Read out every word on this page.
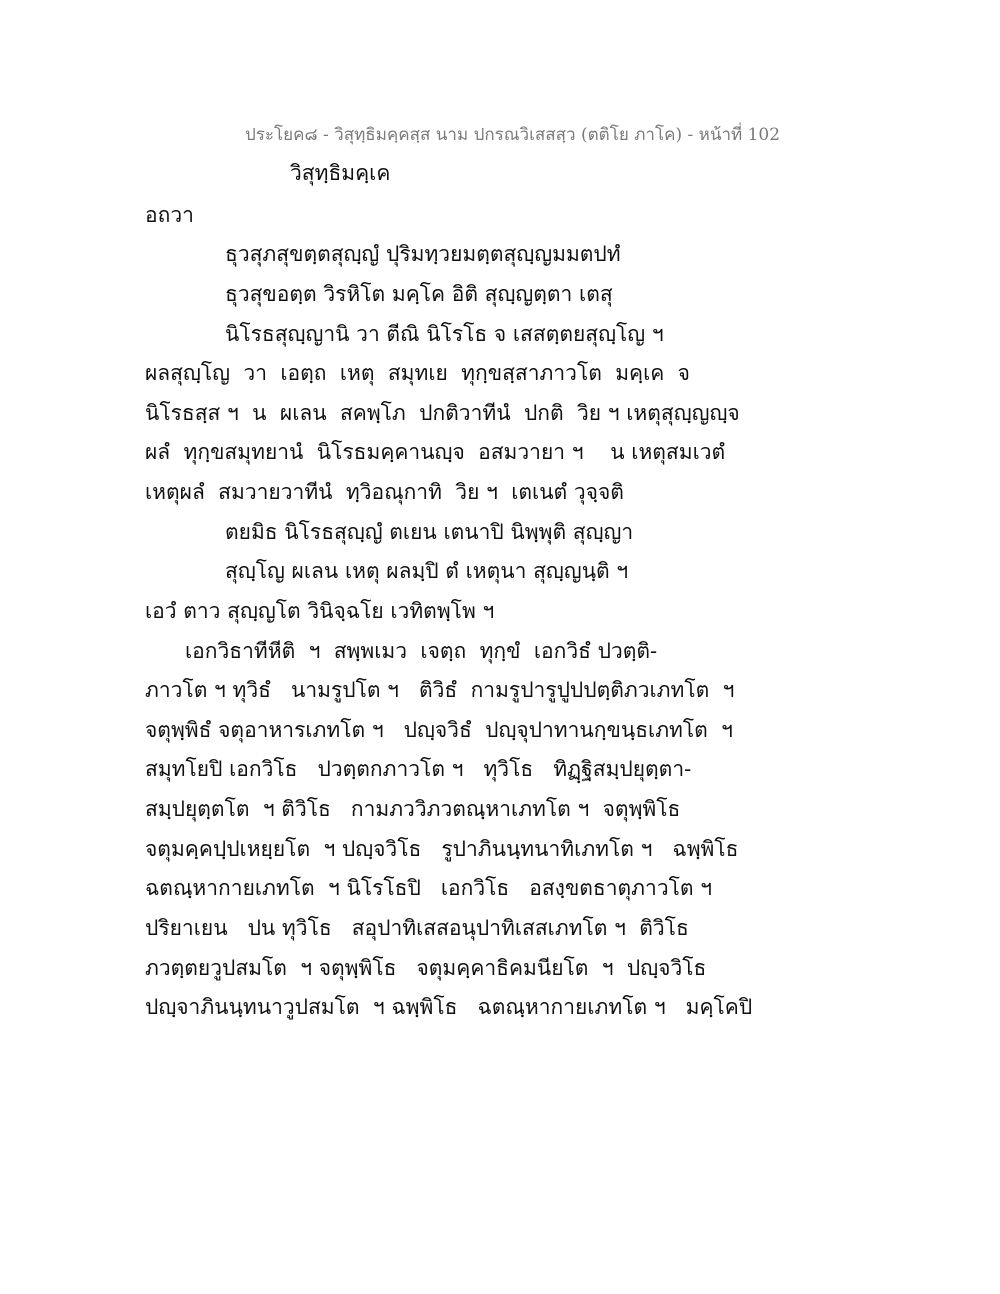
ประโยค๘ - วิสุทฺธิมคฺคสฺส นาม ปกรณวิเสสสฺว (ตติโย ภาโค) - หน้าที่ 102
วิสุทฺธิมคฺเค
อถวา
ธุวสุภสุขตฺตสุญฺญํ ปุริมทฺวยมตฺตสุญฺญมมตปทํ
ธุวสุขอตฺต วิรหิโต มคฺโค อิติ สุญฺญตฺตา เตสุ
นิโรธสุญฺญานิ วา ตีณิ นิโรโธ จ เสสตฺตยสุญฺโญ ฯ
ผลสุญฺโญ  วา  เอตฺถ  เหตุ  สมุทเย  ทุกฺขสฺสาภาวโต  มคฺเค  จ
นิโรธสฺส ฯ  น  ผเลน  สคพฺโภ  ปกติวาทีนํ  ปกติ  วิย ฯ เหตุสุญฺญญฺจ
ผลํ  ทุกฺขสมุทยานํ  นิโรธมคฺคานญฺจ  อสมวายา ฯ    น เหตุสมเวตํ
เหตุผลํ  สมวายวาทีนํ  ทฺวิอณุกาทิ  วิย ฯ  เตเนตํ วุจฺจติ
ตยมิธ นิโรธสุญฺญํ ตเยน เตนาปิ นิพฺพุติ สุญฺญา
สุญฺโญ ผเลน เหตุ ผลมฺปิ ตํ เหตุนา สุญฺญนฺติ ฯ
เอวํ ตาว สุญฺญโต วินิจฺฉโย เวทิตพฺโพ ฯ
เอกวิธาทีหีติ  ฯ  สพฺพเมว  เจตฺถ  ทุกฺขํ  เอกวิธํ ปวตฺติ-
ภาวโต ฯ ทุวิธํ   นามรูปโต ฯ   ติวิธํ  กามรูปารูปูปปตฺติภวเภทโต  ฯ
จตุพฺพิธํ จตุอาหารเภทโต ฯ   ปญฺจวิธํ  ปญฺจุปาทานกฺขนฺธเภทโต  ฯ
สมุทโยปิ เอกวิโธ   ปวตฺตกภาวโต ฯ   ทุวิโธ   ทิฏฺฐิสมฺปยุตฺตา-
สมฺปยุตฺตโต  ฯ ติวิโธ   กามภววิภวตณฺหาเภทโต ฯ  จตุพฺพิโธ
จตุมคฺคปฺปเหยฺยโต  ฯ ปญฺจวิโธ   รูปาภินนฺทนาทิเภทโต ฯ   ฉพฺพิโธ
ฉตณฺหากายเภทโต  ฯ นิโรโธปิ   เอกวิโธ   อสงฺขตธาตุภาวโต ฯ
ปริยาเยน   ปน ทุวิโธ   สอุปาทิเสสอนุปาทิเสสเภทโต ฯ  ติวิโธ
ภวตฺตยวูปสมโต  ฯ จตุพฺพิโธ   จตุมคฺคาธิคมนียโต  ฯ  ปญฺจวิโธ
ปญฺจาภินนฺทนาวูปสมโต  ฯ ฉพฺพิโธ   ฉตณฺหากายเภทโต ฯ   มคฺโคปิ
